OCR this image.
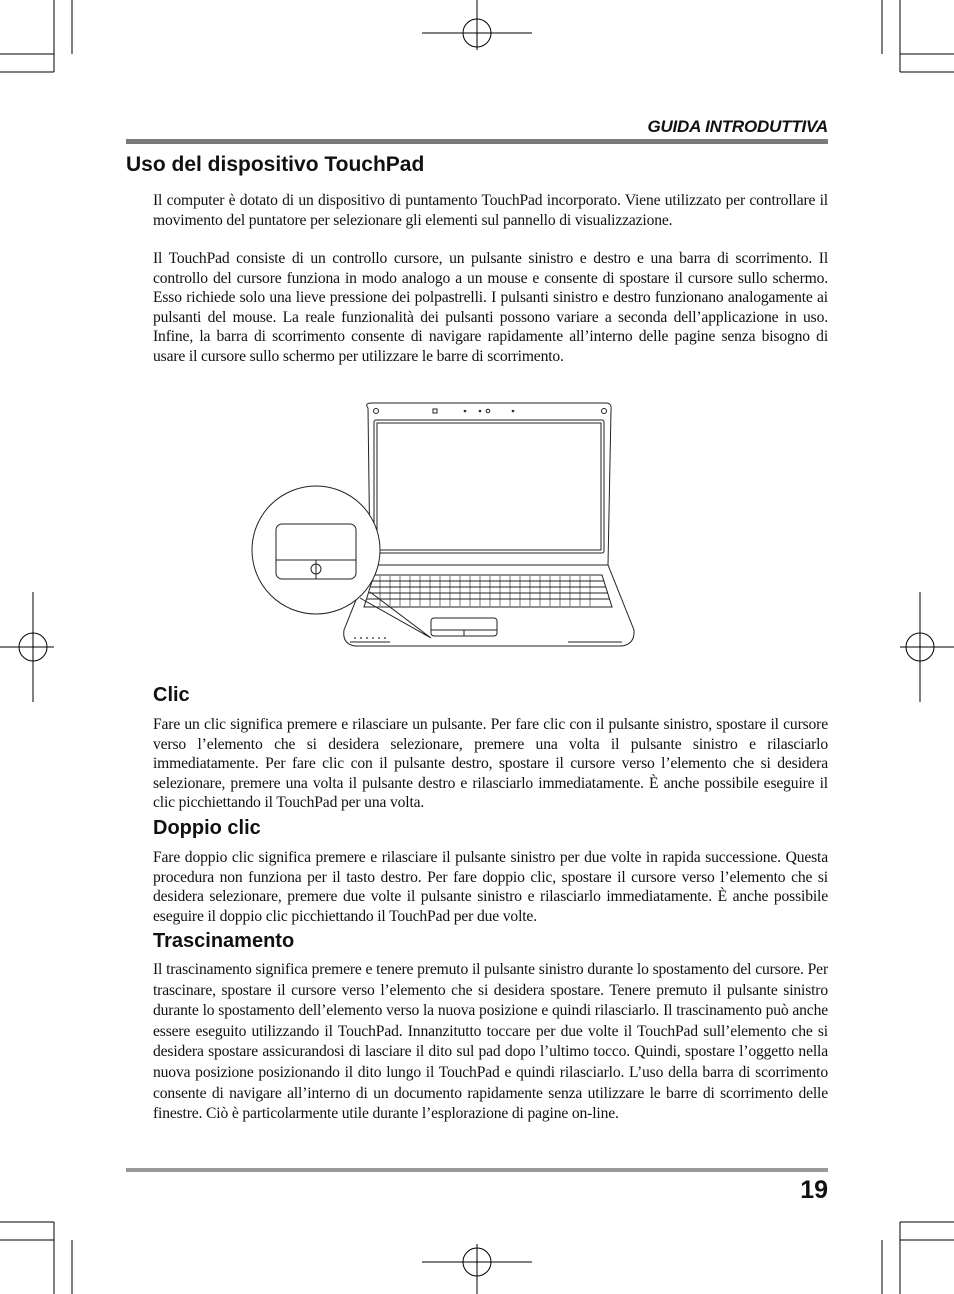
GUIDA INTRODUTTIVA
Uso del dispositivo TouchPad

Il computer è dotato di un dispositivo di puntamento TouchPad incorporato. Viene utilizzato per controllare il movimento del puntatore per selezionare gli elementi sul pannello di visualizzazione.

Il TouchPad consiste di un controllo cursore, un pulsante sinistro e destro e una barra di scorrimento. Il controllo del cursore funziona in modo analogo a un mouse e consente di spostare il cursore sullo schermo. Esso richiede solo una lieve pressione dei polpastrelli. I pulsanti sinistro e destro funzionano analogamente ai pulsanti del mouse. La reale funzionalità dei pulsanti possono variare a seconda dell’applicazione in uso. Infine, la barra di scorrimento consente di navigare rapidamente all’interno delle pagine senza bisogno di usare il cursore sullo schermo per utilizzare le barre di scorrimento.

Clic

Fare un clic significa premere e rilasciare un pulsante. Per fare clic con il pulsante sinistro, spostare il cursore verso l’elemento che si desidera selezionare, premere una volta il pulsante sinistro e rilasciarlo immediatamente. Per fare clic con il pulsante destro, spostare il cursore verso l’elemento che si desidera selezionare, premere una volta il pulsante destro e rilasciarlo immediatamente. È anche possibile eseguire il clic picchiettando il TouchPad per una volta.

Doppio clic

Fare doppio clic significa premere e rilasciare il pulsante sinistro per due volte in rapida successione. Questa procedura non funziona per il tasto destro. Per fare doppio clic, spostare il cursore verso l’elemento che si desidera selezionare, premere due volte il pulsante sinistro e rilasciarlo immediatamente. È anche possibile eseguire il doppio clic picchiettando il TouchPad per due volte.

Trascinamento

Il trascinamento significa premere e tenere premuto il pulsante sinistro durante lo spostamento del cursore. Per trascinare, spostare il cursore verso l’elemento che si desidera spostare. Tenere premuto il pulsante sinistro durante lo spostamento dell’elemento verso la nuova posizione e quindi rilasciarlo. Il trascinamento può anche essere eseguito utilizzando il TouchPad. Innanzitutto toccare per due volte il TouchPad sull’elemento che si desidera spostare assicurandosi di lasciare il dito sul pad dopo l’ultimo tocco. Quindi, spostare l’oggetto nella nuova posizione posizionando il dito lungo il TouchPad e quindi rilasciarlo. L’uso della barra di scorrimento consente di navigare all’interno di un documento rapidamente senza utilizzare le barre di scorrimento delle finestre. Ciò è particolarmente utile durante l’esplorazione di pagine on-line.

19
